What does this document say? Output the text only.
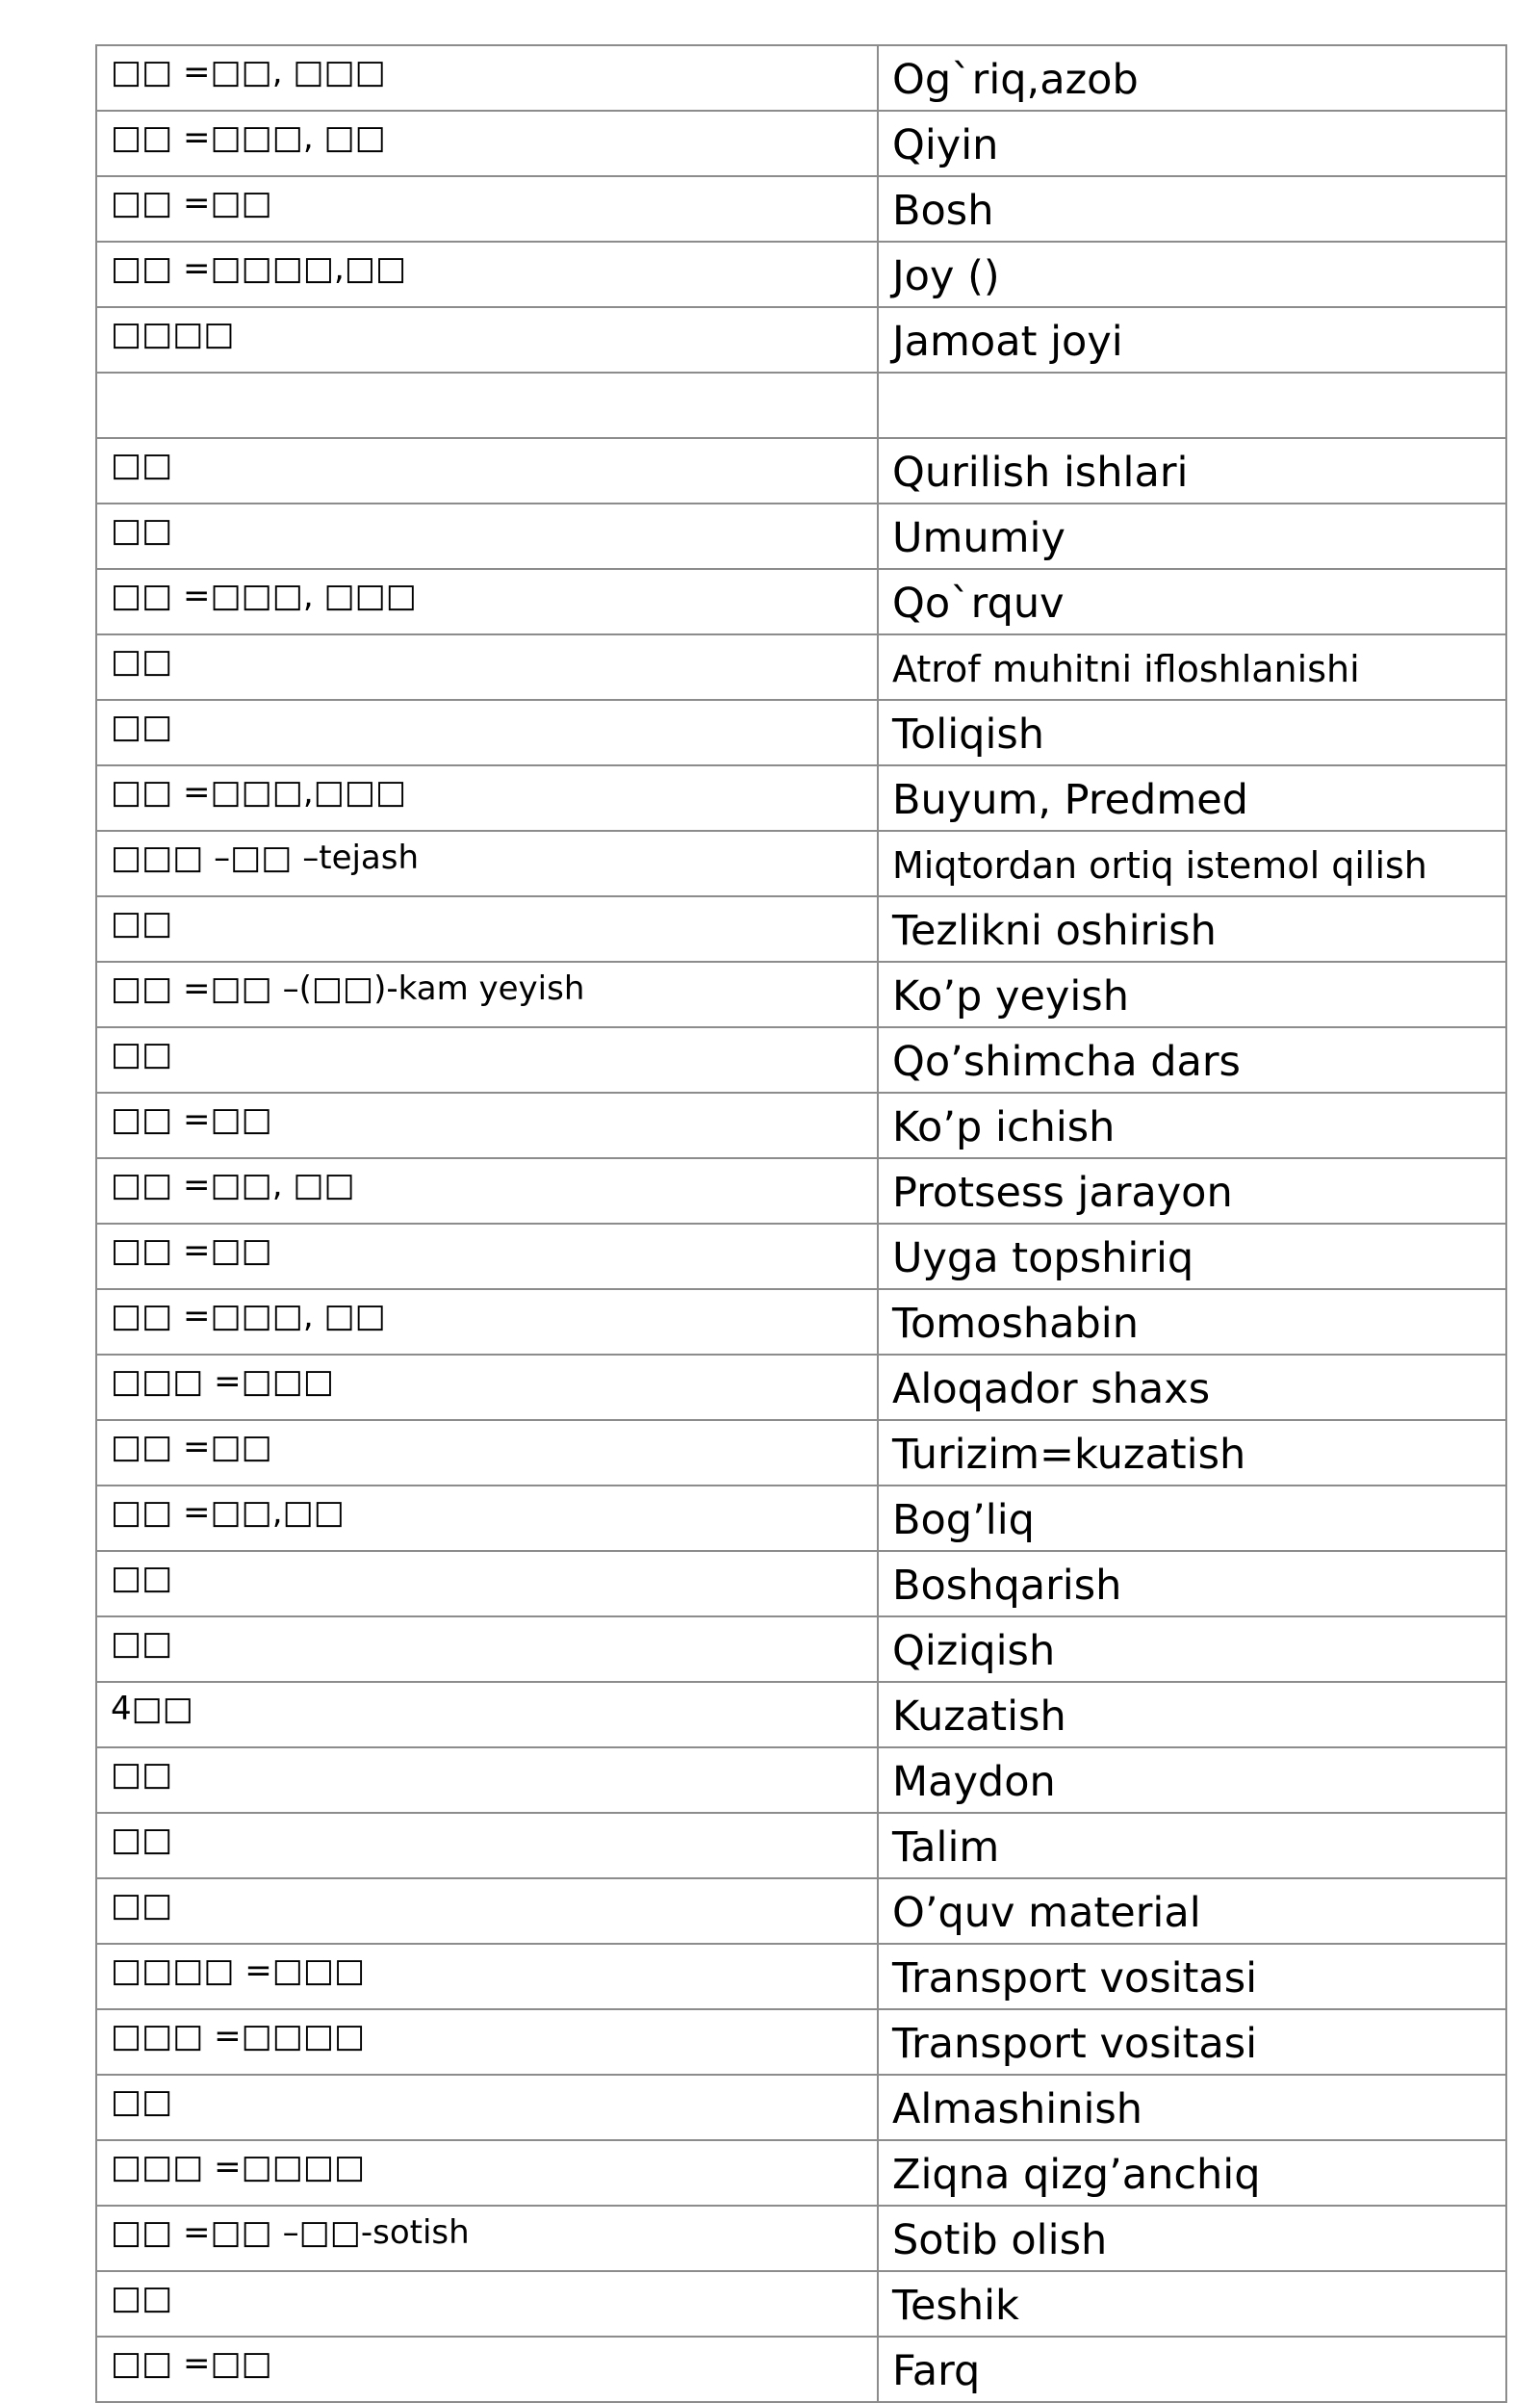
□□ =□□, □□□	Og`riq,azob
□□ =□□□, □□	Qiyin
□□ =□□	Bosh
□□ =□□□□,□□	Joy ()
□□□□	Jamoat joyi

□□	Qurilish ishlari
□□	Umumiy
□□ =□□□, □□□	Qo`rquv
□□	Atrof muhitni ifloshlanishi
□□	Toliqish
□□ =□□□,□□□	Buyum, Predmed
□□□ –□□ –tejash	Miqtordan ortiq istemol qilish
□□	Tezlikni oshirish
□□ =□□ –(□□)-kam yeyish	Ko’p yeyish
□□	Qo’shimcha dars
□□ =□□	Ko’p ichish
□□ =□□, □□	Protsess jarayon
□□ =□□	Uyga topshiriq
□□ =□□□, □□	Tomoshabin
□□□ =□□□	Aloqador shaxs
□□ =□□	Turizim=kuzatish
□□ =□□,□□	Bog’liq
□□	Boshqarish
□□	Qiziqish
4□□	Kuzatish
□□	Maydon
□□	Talim
□□	O’quv material
□□□□ =□□□	Transport vositasi
□□□ =□□□□	Transport vositasi
□□	Almashinish
□□□ =□□□□	Ziqna qizg’anchiq
□□ =□□ –□□-sotish	Sotib olish
□□	Teshik
□□ =□□	Farq
